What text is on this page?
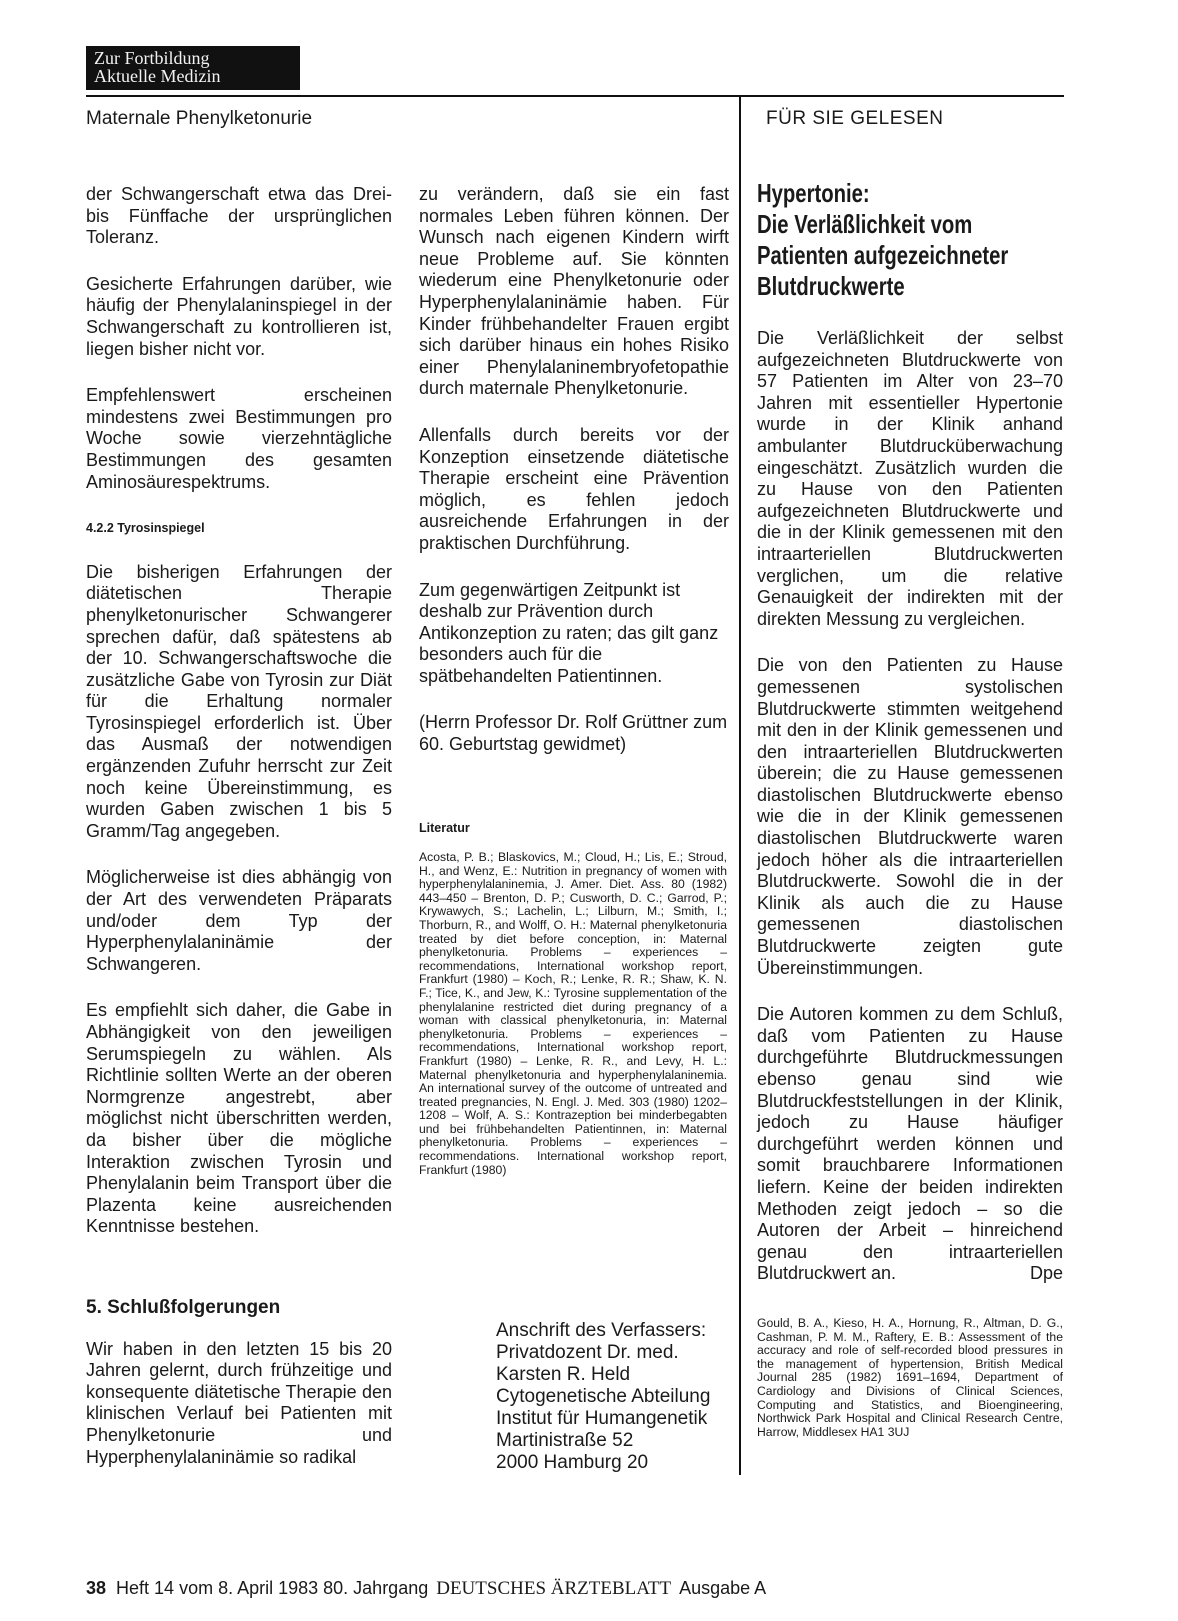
Zur Fortbildung
Aktuelle Medizin
Maternale Phenylketonurie	FÜR SIE GELESEN

der Schwangerschaft etwa das Drei- bis Fünffache der ursprünglichen Toleranz.

Gesicherte Erfahrungen darüber, wie häufig der Phenylalaninspiegel in der Schwangerschaft zu kontrollieren ist, liegen bisher nicht vor.

Empfehlenswert erscheinen mindestens zwei Bestimmungen pro Woche sowie vierzehntägliche Bestimmungen des gesamten Aminosäurespektrums.

4.2.2 Tyrosinspiegel

Die bisherigen Erfahrungen der diätetischen Therapie phenylketonurischer Schwangerer sprechen dafür, daß spätestens ab der 10. Schwangerschaftswoche die zusätzliche Gabe von Tyrosin zur Diät für die Erhaltung normaler Tyrosinspiegel erforderlich ist. Über das Ausmaß der notwendigen ergänzenden Zufuhr herrscht zur Zeit noch keine Übereinstimmung, es wurden Gaben zwischen 1 bis 5 Gramm/Tag angegeben.

Möglicherweise ist dies abhängig von der Art des verwendeten Präparats und/oder dem Typ der Hyperphenylalaninämie der Schwangeren.

Es empfiehlt sich daher, die Gabe in Abhängigkeit von den jeweiligen Serumspiegeln zu wählen. Als Richtlinie sollten Werte an der oberen Normgrenze angestrebt, aber möglichst nicht überschritten werden, da bisher über die mögliche Interaktion zwischen Tyrosin und Phenylalanin beim Transport über die Plazenta keine ausreichenden Kenntnisse bestehen.

5. Schlußfolgerungen

Wir haben in den letzten 15 bis 20 Jahren gelernt, durch frühzeitige und konsequente diätetische Therapie den klinischen Verlauf bei Patienten mit Phenylketonurie und Hyperphenylalaninämie so radikal

zu verändern, daß sie ein fast normales Leben führen können. Der Wunsch nach eigenen Kindern wirft neue Probleme auf. Sie könnten wiederum eine Phenylketonurie oder Hyperphenylalaninämie haben. Für Kinder frühbehandelter Frauen ergibt sich darüber hinaus ein hohes Risiko einer Phenylalaninembryofetopathie durch maternale Phenylketonurie.

Allenfalls durch bereits vor der Konzeption einsetzende diätetische Therapie erscheint eine Prävention möglich, es fehlen jedoch ausreichende Erfahrungen in der praktischen Durchführung.

Zum gegenwärtigen Zeitpunkt ist deshalb zur Prävention durch Antikonzeption zu raten; das gilt ganz besonders auch für die spätbehandelten Patientinnen.

(Herrn Professor Dr. Rolf Grüttner zum 60. Geburtstag gewidmet)

Literatur
Acosta, P. B.; Blaskovics, M.; Cloud, H.; Lis, E.; Stroud, H., and Wenz, E.: Nutrition in pregnancy of women with hyperphenylalaninemia, J. Amer. Diet. Ass. 80 (1982) 443–450 – Brenton, D. P.; Cusworth, D. C.; Garrod, P.; Krywawych, S.; Lachelin, L.; Lilburn, M.; Smith, I.; Thorburn, R., and Wolff, O. H.: Maternal phenylketonuria treated by diet before conception, in: Maternal phenylketonuria. Problems – experiences – recommendations, International workshop report, Frankfurt (1980) – Koch, R.; Lenke, R. R.; Shaw, K. N. F.; Tice, K., and Jew, K.: Tyrosine supplementation of the phenylalanine restricted diet during pregnancy of a woman with classical phenylketonuria, in: Maternal phenylketonuria. Problems – experiences – recommendations, International workshop report, Frankfurt (1980) – Lenke, R. R., and Levy, H. L.: Maternal phenylketonuria and hyperphenylalaninemia. An international survey of the outcome of untreated and treated pregnancies, N. Engl. J. Med. 303 (1980) 1202–1208 – Wolf, A. S.: Kontrazeption bei minderbegabten und bei frühbehandelten Patientinnen, in: Maternal phenylketonuria. Problems – experiences – recommendations. International workshop report, Frankfurt (1980)
Anschrift des Verfassers:
Privatdozent Dr. med.
Karsten R. Held
Cytogenetische Abteilung
Institut für Humangenetik
Martinistraße 52
2000 Hamburg 20
Hypertonie:
Die Verläßlichkeit vom
Patienten aufgezeichneter
Blutdruckwerte

Die Verläßlichkeit der selbst aufgezeichneten Blutdruckwerte von 57 Patienten im Alter von 23–70 Jahren mit essentieller Hypertonie wurde in der Klinik anhand ambulanter Blutdrucküberwachung eingeschätzt. Zusätzlich wurden die zu Hause von den Patienten aufgezeichneten Blutdruckwerte und die in der Klinik gemessenen mit den intraarteriellen Blutdruckwerten verglichen, um die relative Genauigkeit der indirekten mit der direkten Messung zu vergleichen.

Die von den Patienten zu Hause gemessenen systolischen Blutdruckwerte stimmten weitgehend mit den in der Klinik gemessenen und den intraarteriellen Blutdruckwerten überein; die zu Hause gemessenen diastolischen Blutdruckwerte ebenso wie die in der Klinik gemessenen diastolischen Blutdruckwerte waren jedoch höher als die intraarteriellen Blutdruckwerte. Sowohl die in der Klinik als auch die zu Hause gemessenen diastolischen Blutdruckwerte zeigten gute Übereinstimmungen.

Die Autoren kommen zu dem Schluß, daß vom Patienten zu Hause durchgeführte Blutdruckmessungen ebenso genau sind wie Blutdruckfeststellungen in der Klinik, jedoch zu Hause häufiger durchgeführt werden können und somit brauchbarere Informationen liefern. Keine der beiden indirekten Methoden zeigt jedoch – so die Autoren der Arbeit – hinreichend genau den intraarteriellen Blutdruckwert an.	Dpe

Gould, B. A., Kieso, H. A., Hornung, R., Altman, D. G., Cashman, P. M. M., Raftery, E. B.: Assessment of the accuracy and role of self-recorded blood pressures in the management of hypertension, British Medical Journal 285 (1982) 1691–1694, Department of Cardiology and Divisions of Clinical Sciences, Computing and Statistics, and Bioengineering, Northwick Park Hospital and Clinical Research Centre, Harrow, Middlesex HA1 3UJ
38 Heft 14 vom 8. April 1983 80. Jahrgang DEUTSCHES ÄRZTEBLATT Ausgabe A
